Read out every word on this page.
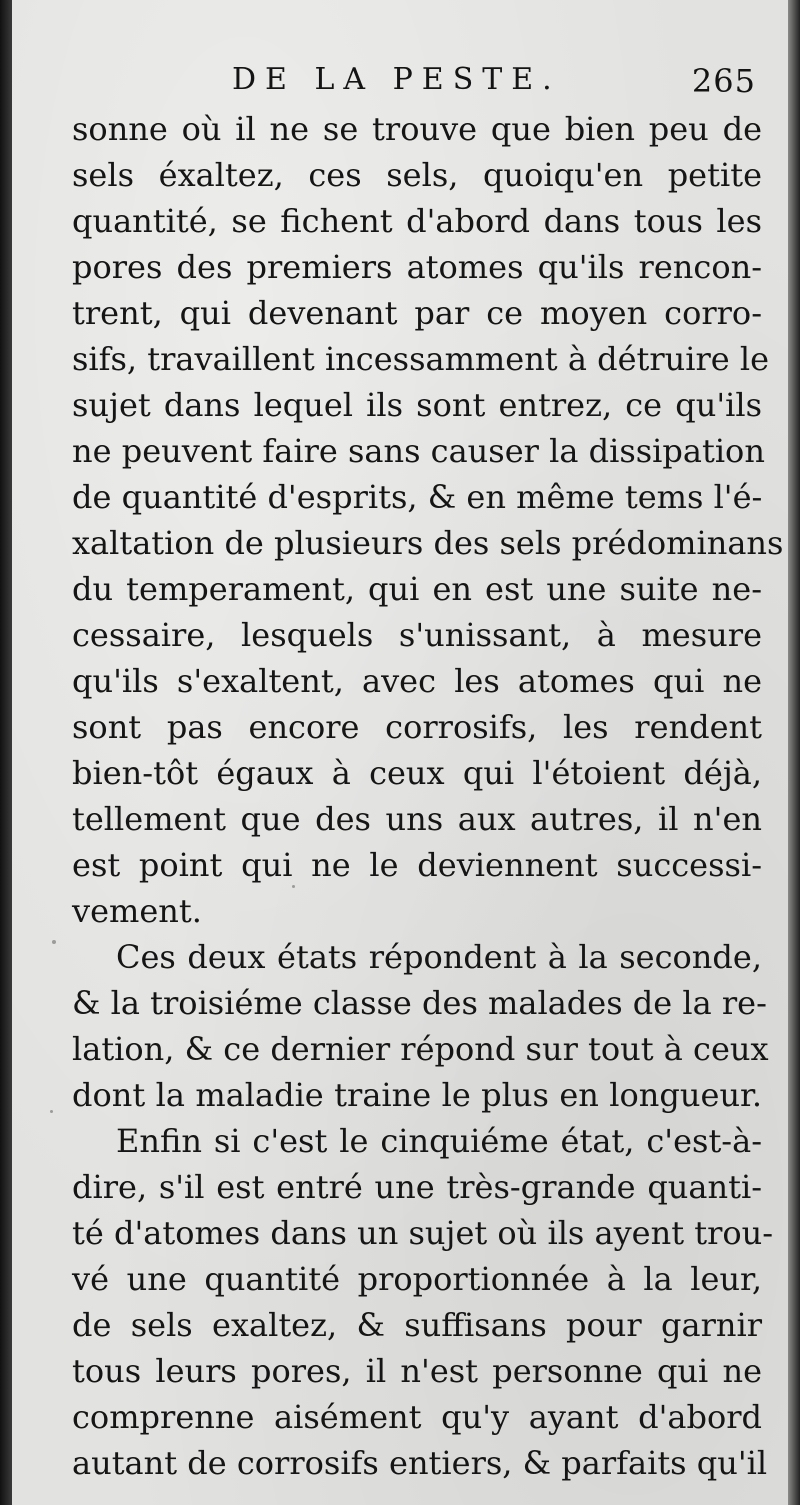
DE LA PESTE.	265
sonne où il ne se trouve que bien peu de
sels éxaltez, ces sels, quoiqu'en petite
quantité, se fichent d'abord dans tous les
pores des premiers atomes qu'ils rencon-
trent, qui devenant par ce moyen corro-
sifs, travaillent incessamment à détruire le
sujet dans lequel ils sont entrez, ce qu'ils
ne peuvent faire sans causer la dissipation
de quantité d'esprits, & en même tems l'é-
xaltation de plusieurs des sels prédominans
du temperament, qui en est une suite ne-
cessaire, lesquels s'unissant, à mesure
qu'ils s'exaltent, avec les atomes qui ne
sont pas encore corrosifs, les rendent
bien-tôt égaux à ceux qui l'étoient déjà,
tellement que des uns aux autres, il n'en
est point qui ne le deviennent successi-
vement.
Ces deux états répondent à la seconde,
& la troisiéme classe des malades de la re-
lation, & ce dernier répond sur tout à ceux
dont la maladie traine le plus en longueur.
Enfin si c'est le cinquiéme état, c'est-à-
dire, s'il est entré une très-grande quanti-
té d'atomes dans un sujet où ils ayent trou-
vé une quantité proportionnée à la leur,
de sels exaltez, & suffisans pour garnir
tous leurs pores, il n'est personne qui ne
comprenne aisément qu'y ayant d'abord
autant de corrosifs entiers, & parfaits qu'il
